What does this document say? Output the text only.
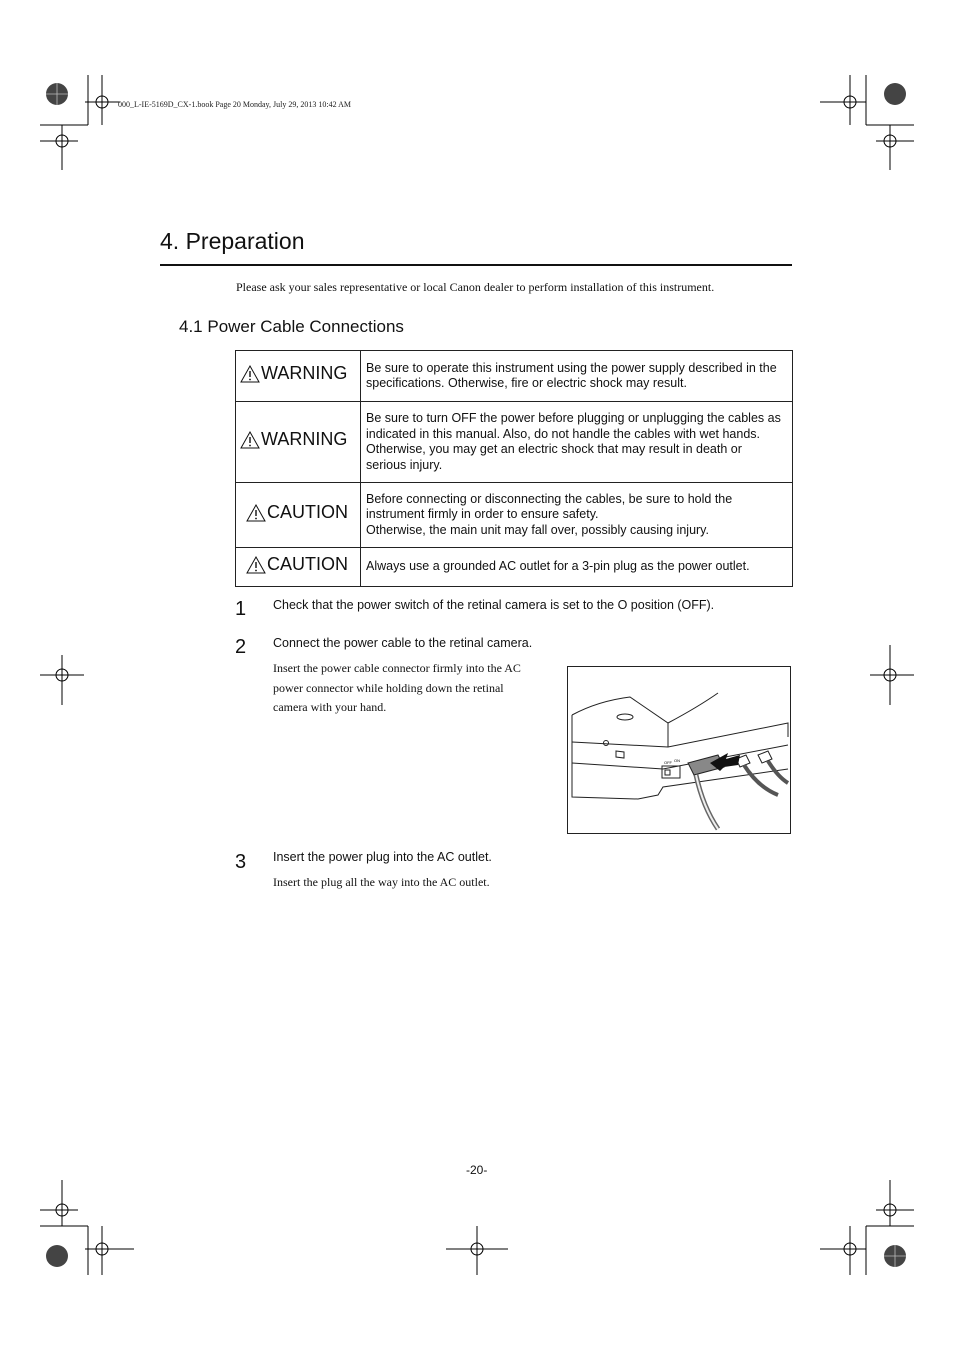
000_L-IE-5169D_CX-1.book Page 20 Monday, July 29, 2013 10:42 AM
4. Preparation
Please ask your sales representative or local Canon dealer to perform installation of this instrument.
4.1 Power Cable Connections
WARNING	Be sure to operate this instrument using the power supply described in the
specifications. Otherwise, fire or electric shock may result.

WARNING	Be sure to turn OFF the power before plugging or unplugging the cables as
indicated in this manual. Also, do not handle the cables with wet hands.
Otherwise, you may get an electric shock that may result in death or
serious injury.

CAUTION	Before connecting or disconnecting the cables, be sure to hold the
instrument firmly in order to ensure safety.
Otherwise, the main unit may fall over, possibly causing injury.

CAUTION	Always use a grounded AC outlet for a 3-pin plug as the power outlet.
1 Check that the power switch of the retinal camera is set to the O position (OFF).
2 Connect the power cable to the retinal camera.
Insert the power cable connector firmly into the AC
power connector while holding down the retinal
camera with your hand.
OFF ON
3 Insert the power plug into the AC outlet.
Insert the plug all the way into the AC outlet.
-20-
